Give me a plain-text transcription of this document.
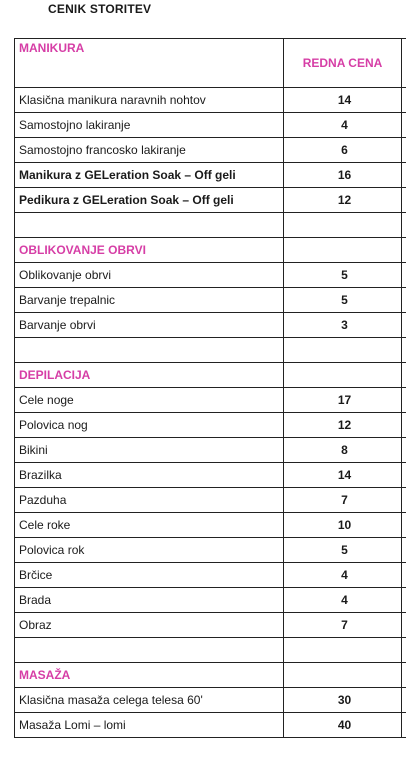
CENIK STORITEV
MANIKURA	REDNA CENA	
Klasična manikura naravnih nohtov	14	
Samostojno lakiranje	4	
Samostojno francosko lakiranje	6	
Manikura z GELeration Soak – Off geli	16	
Pedikura z GELeration Soak – Off geli	12	

OBLIKOVANJE OBRVI		
Oblikovanje obrvi	5	
Barvanje trepalnic	5	
Barvanje obrvi	3	

DEPILACIJA		
Cele noge	17	
Polovica nog	12	
Bikini	8	
Brazilka	14	
Pazduha	7	
Cele roke	10	
Polovica rok	5	
Brčice	4	
Brada	4	
Obraz	7	

MASAŽA		
Klasična masaža celega telesa 60'	30	
Masaža Lomi – lomi	40	
